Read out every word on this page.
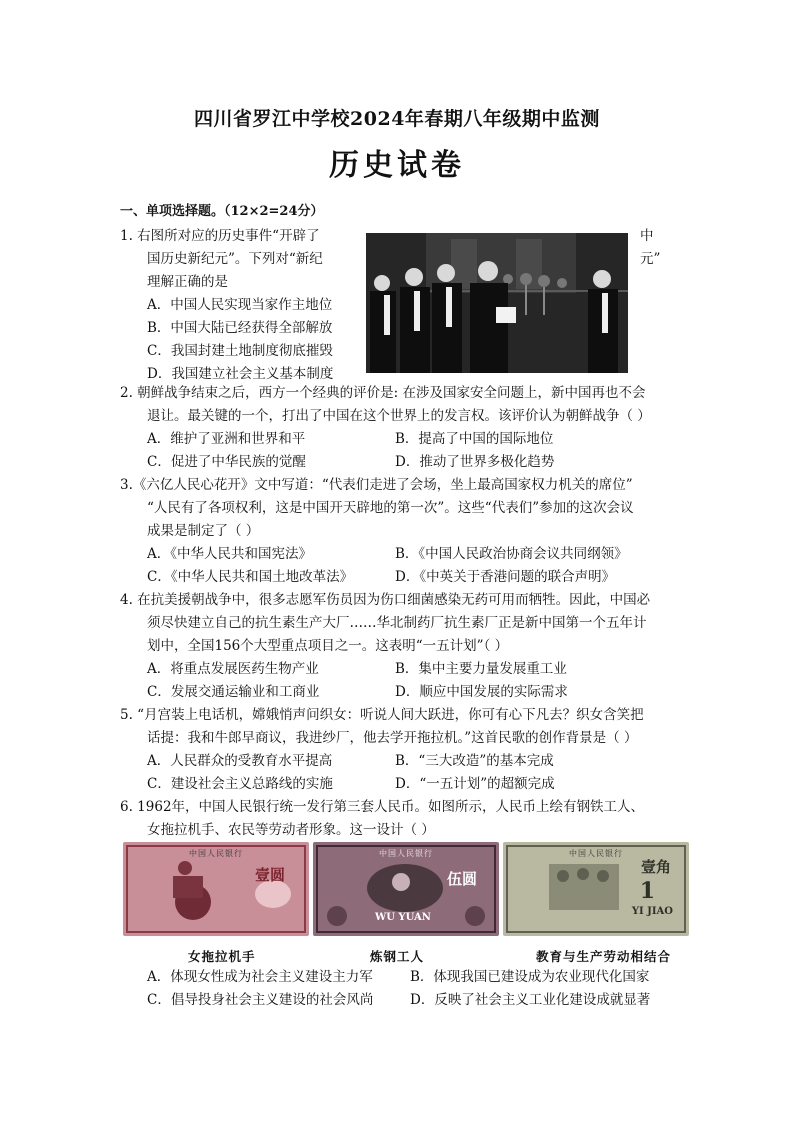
四川省罗江中学校2024年春期八年级期中监测
历史试卷
一、单项选择题。（12×2=24分）
1. 右图所对应的历史事件“开辟了	中
国历史新纪元”。下列对“新纪	元”
理解正确的是
A．中国人民实现当家作主地位
B．中国大陆已经获得全部解放
C．我国封建土地制度彻底摧毁
D．我国建立社会主义基本制度
2. 朝鲜战争结束之后，西方一个经典的评价是: 在涉及国家安全问题上，新中国再也不会
退让。最关键的一个，打出了中国在这个世界上的发言权。该评价认为朝鲜战争（ ）
A．维护了亚洲和世界和平	B．提高了中国的国际地位
C．促进了中华民族的觉醒	D．推动了世界多极化趋势
3.《六亿人民心花开》文中写道：“代表们走进了会场，坐上最高国家权力机关的席位”
“人民有了各项权利，这是中国开天辟地的第一次”。这些“代表们”参加的这次会议
成果是制定了（ ）
A．《中华人民共和国宪法》	B．《中国人民政治协商会议共同纲领》
C．《中华人民共和国土地改革法》	D．《中英关于香港问题的联合声明》
4. 在抗美援朝战争中，很多志愿军伤员因为伤口细菌感染无药可用而牺牲。因此，中国必
须尽快建立自己的抗生素生产大厂……华北制药厂抗生素厂正是新中国第一个五年计
划中，全国156个大型重点项目之一。这表明“一五计划”（ ）
A．将重点发展医药生物产业	B．集中主要力量发展重工业
C．发展交通运输业和工商业	D．顺应中国发展的实际需求
5. “月宫装上电话机，嫦娥悄声问织女：听说人间大跃进，你可有心下凡去？织女含笑把
话提：我和牛郎早商议，我进纱厂，他去学开拖拉机。”这首民歌的创作背景是（ ）
A．人民群众的受教育水平提高	B．“三大改造”的基本完成
C．建设社会主义总路线的实施	D．“一五计划”的超额完成
6. 1962年，中国人民银行统一发行第三套人民币。如图所示，人民币上绘有钢铁工人、
女拖拉机手、农民等劳动者形象。这一设计（ ）
中国人民银行
壹圆
中国人民银行
伍圆
WU YUAN
中国人民银行
壹角
1
YI JIAO
女拖拉机手	炼钢工人	教育与生产劳动相结合
A．体现女性成为社会主义建设主力军	B．体现我国已建设成为农业现代化国家
C．倡导投身社会主义建设的社会风尚	D．反映了社会主义工业化建设成就显著
